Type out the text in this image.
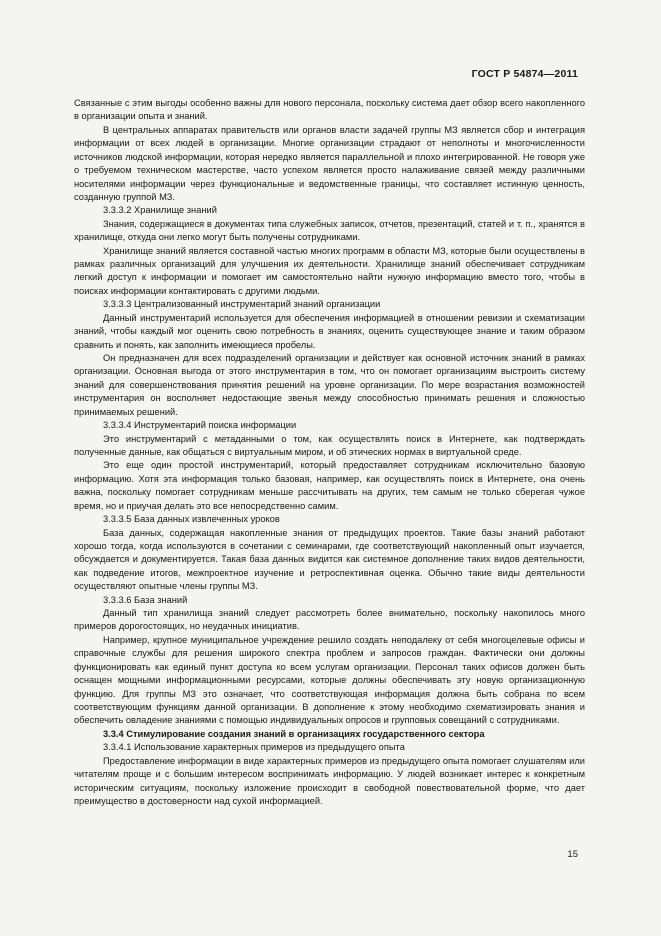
ГОСТ Р 54874—2011

Связанные с этим выгоды особенно важны для нового персонала, поскольку система дает обзор всего накопленного в организации опыта и знаний.

В центральных аппаратах правительств или органов власти задачей группы МЗ является сбор и интеграция информации от всех людей в организации. Многие организации страдают от неполноты и многочисленности источников людской информации, которая нередко является параллельной и плохо интегрированной. Не говоря уже о требуемом техническом мастерстве, часто успехом является просто налаживание связей между различными носителями информации через функциональные и ведомственные границы, что составляет истинную ценность, созданную группой МЗ.

3.3.3.2 Хранилище знаний

Знания, содержащиеся в документах типа служебных записок, отчетов, презентаций, статей и т. п., хранятся в хранилище, откуда они легко могут быть получены сотрудниками.

Хранилище знаний является составной частью многих программ в области МЗ, которые были осуществлены в рамках различных организаций для улучшения их деятельности. Хранилище знаний обеспечивает сотрудникам легкий доступ к информации и помогает им самостоятельно найти нужную информацию вместо того, чтобы в поисках информации контактировать с другими людьми.

3.3.3.3 Централизованный инструментарий знаний организации

Данный инструментарий используется для обеспечения информацией в отношении ревизии и схематизации знаний, чтобы каждый мог оценить свою потребность в знаниях, оценить существующее знание и таким образом сравнить и понять, как заполнить имеющиеся пробелы.

Он предназначен для всех подразделений организации и действует как основной источник знаний в рамках организации. Основная выгода от этого инструментария в том, что он помогает организациям выстроить систему знаний для совершенствования принятия решений на уровне организации. По мере возрастания возможностей инструментария он восполняет недостающие звенья между способностью принимать решения и сложностью принимаемых решений.

3.3.3.4 Инструментарий поиска информации

Это инструментарий с метаданными о том, как осуществлять поиск в Интернете, как подтверждать полученные данные, как общаться с виртуальным миром, и об этических нормах в виртуальной среде.

Это еще один простой инструментарий, который предоставляет сотрудникам исключительно базовую информацию. Хотя эта информация только базовая, например, как осуществлять поиск в Интернете, она очень важна, поскольку помогает сотрудникам меньше рассчитывать на других, тем самым не только сберегая чужое время, но и приучая делать это все непосредственно самим.

3.3.3.5 База данных извлеченных уроков

База данных, содержащая накопленные знания от предыдущих проектов. Такие базы знаний работают хорошо тогда, когда используются в сочетании с семинарами, где соответствующий накопленный опыт изучается, обсуждается и документируется. Такая база данных видится как системное дополнение таких видов деятельности, как подведение итогов, межпроектное изучение и ретроспективная оценка. Обычно такие виды деятельности осуществляют опытные члены группы МЗ.

3.3.3.6 База знаний

Данный тип хранилища знаний следует рассмотреть более внимательно, поскольку накопилось много примеров дорогостоящих, но неудачных инициатив.

Например, крупное муниципальное учреждение решило создать неподалеку от себя многоцелевые офисы и справочные службы для решения широкого спектра проблем и запросов граждан. Фактически они должны функционировать как единый пункт доступа ко всем услугам организации. Персонал таких офисов должен быть оснащен мощными информационными ресурсами, которые должны обеспечивать эту новую организационную функцию. Для группы МЗ это означает, что соответствующая информация должна быть собрана по всем соответствующим функциям данной организации. В дополнение к этому необходимо схематизировать знания и обеспечить овладение знаниями с помощью индивидуальных опросов и групповых совещаний с сотрудниками.

3.3.4 Стимулирование создания знаний в организациях государственного сектора

3.3.4.1 Использование характерных примеров из предыдущего опыта

Предоставление информации в виде характерных примеров из предыдущего опыта помогает слушателям или читателям проще и с большим интересом воспринимать информацию. У людей возникает интерес к конкретным историческим ситуациям, поскольку изложение происходит в свободной повествовательной форме, что дает преимущество в достоверности над сухой информацией.

15
